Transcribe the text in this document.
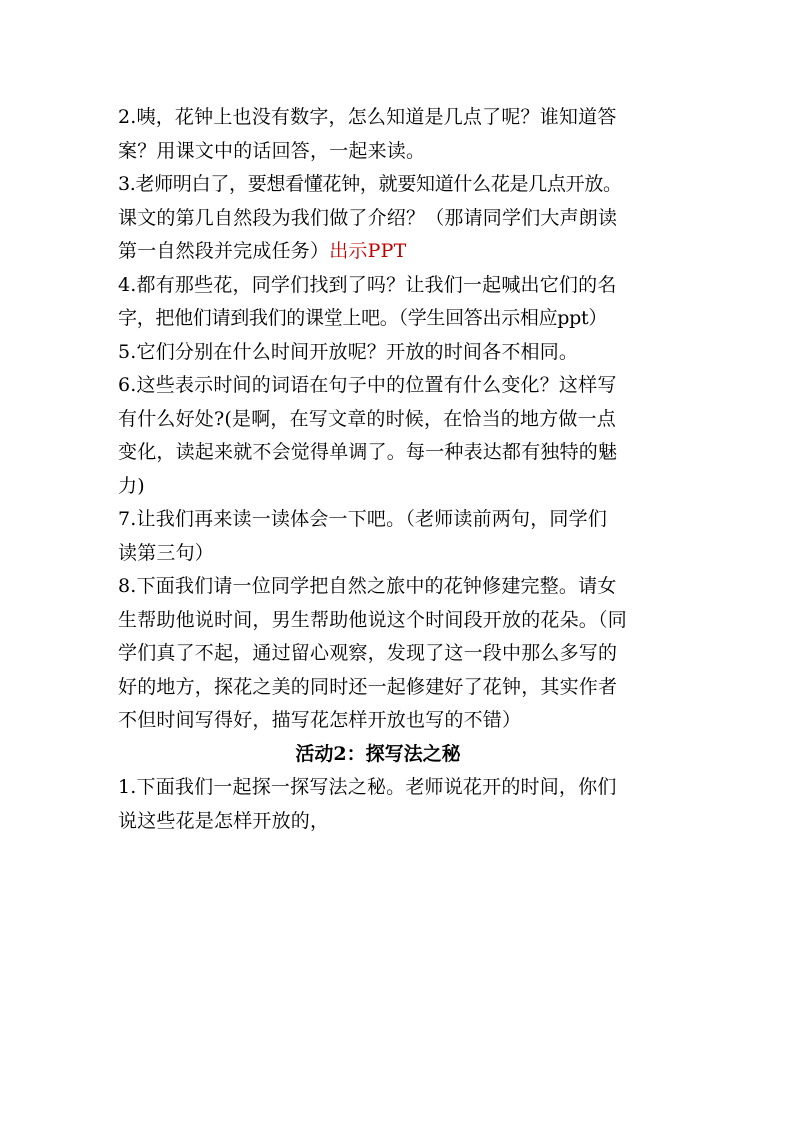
2.咦，花钟上也没有数字，怎么知道是几点了呢？谁知道答
案？用课文中的话回答，一起来读。
3.老师明白了，要想看懂花钟，就要知道什么花是几点开放。
课文的第几自然段为我们做了介绍？（那请同学们大声朗读
第一自然段并完成任务）出示PPT
4.都有那些花，同学们找到了吗？让我们一起喊出它们的名
字，把他们请到我们的课堂上吧。（学生回答出示相应ppt）
5.它们分别在什么时间开放呢？开放的时间各不相同。
6.这些表示时间的词语在句子中的位置有什么变化？这样写
有什么好处?(是啊，在写文章的时候，在恰当的地方做一点
变化，读起来就不会觉得单调了。每一种表达都有独特的魅
力)
7.让我们再来读一读体会一下吧。（老师读前两句，同学们
读第三句）
8.下面我们请一位同学把自然之旅中的花钟修建完整。请女
生帮助他说时间，男生帮助他说这个时间段开放的花朵。（同
学们真了不起，通过留心观察，发现了这一段中那么多写的
好的地方，探花之美的同时还一起修建好了花钟，其实作者
不但时间写得好，描写花怎样开放也写的不错）
活动2：探写法之秘
1.下面我们一起探一探写法之秘。老师说花开的时间，你们
说这些花是怎样开放的，
